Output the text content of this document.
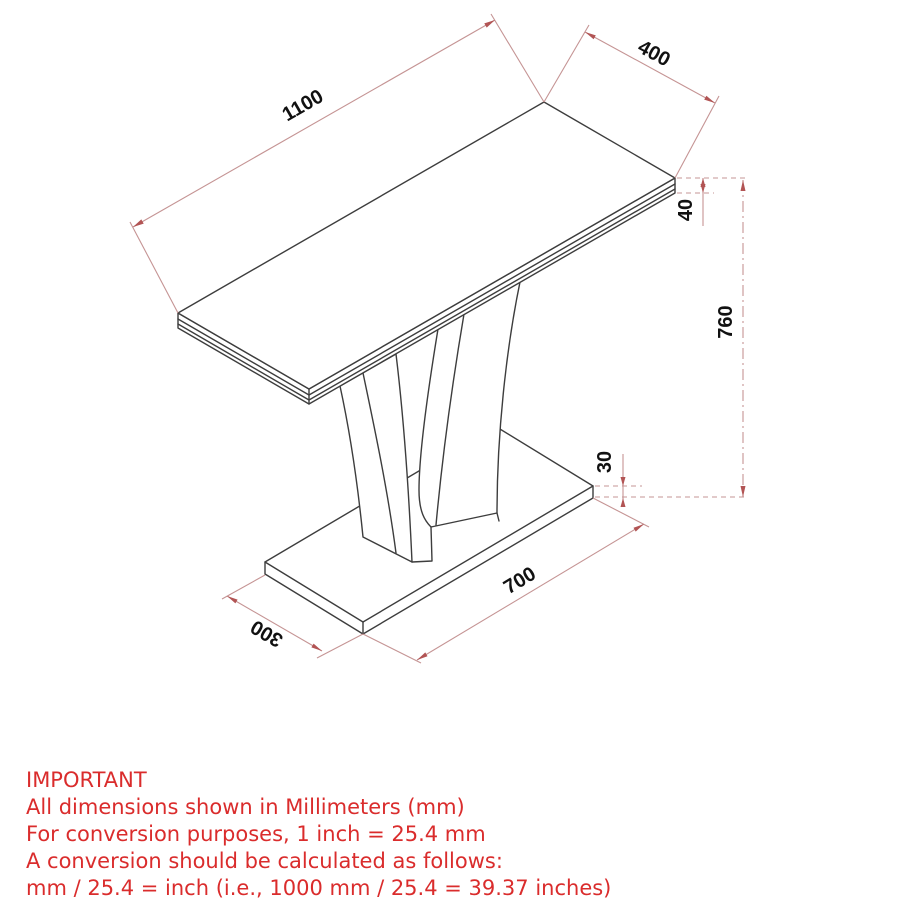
1100
400
40
760
30
700
300
IMPORTANT
All dimensions shown in Millimeters (mm)
For conversion purposes, 1 inch = 25.4 mm
A conversion should be calculated as follows:
mm / 25.4 = inch (i.e., 1000 mm / 25.4 = 39.37 inches)
